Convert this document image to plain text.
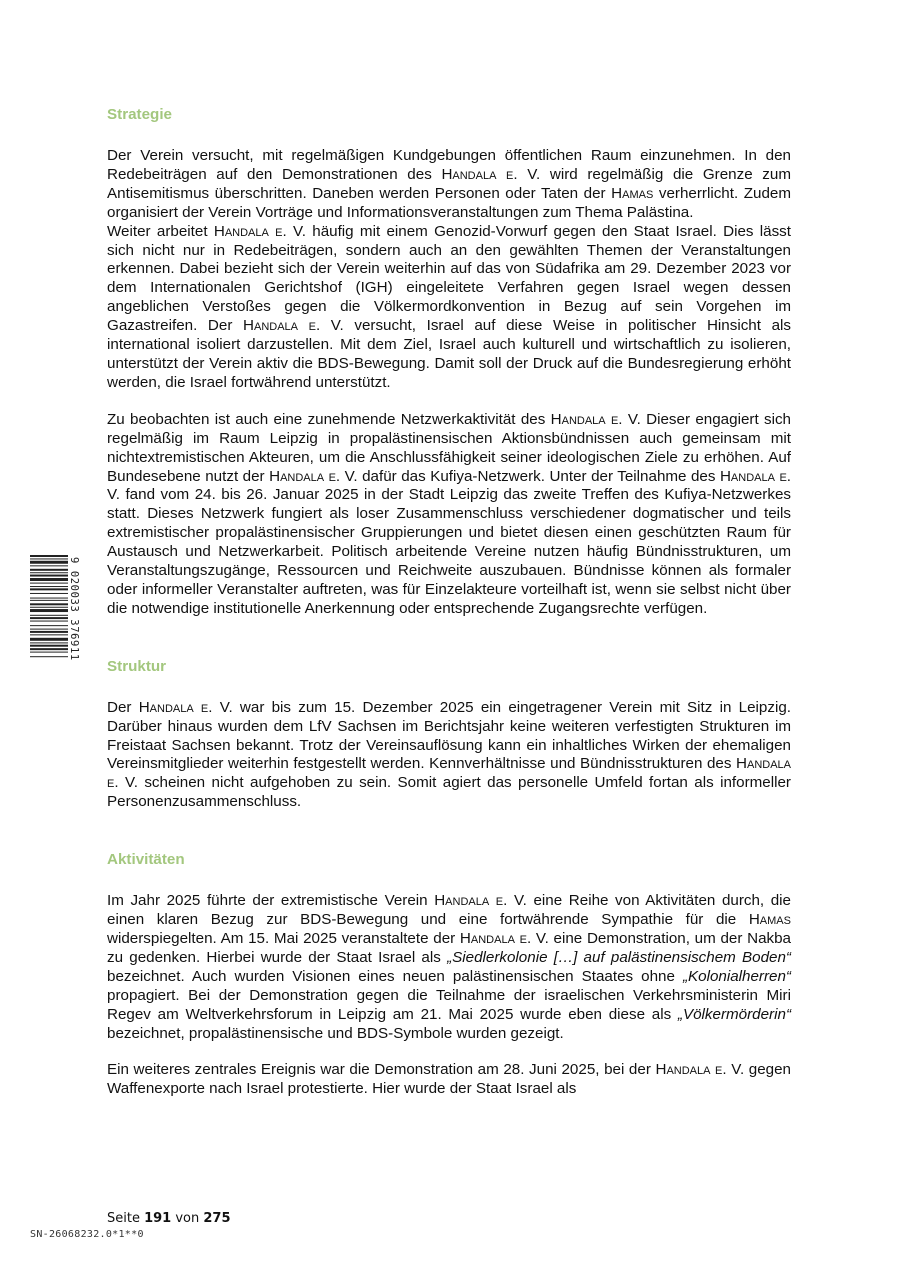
Strategie

Der Verein versucht, mit regelmäßigen Kundgebungen öffentlichen Raum einzunehmen. In den Redebeiträgen auf den Demonstrationen des Handala e. V. wird regelmäßig die Grenze zum Antisemitismus überschritten. Daneben werden Personen oder Taten der Hamas verherrlicht. Zudem organisiert der Verein Vorträge und Informationsveranstaltungen zum Thema Palästina.

Weiter arbeitet Handala e. V. häufig mit einem Genozid-Vorwurf gegen den Staat Israel. Dies lässt sich nicht nur in Redebeiträgen, sondern auch an den gewählten Themen der Veranstaltungen erkennen. Dabei bezieht sich der Verein weiterhin auf das von Südafrika am 29. Dezember 2023 vor dem Internationalen Gerichtshof (IGH) eingeleitete Verfahren gegen Israel wegen dessen angeblichen Verstoßes gegen die Völkermordkonvention in Bezug auf sein Vorgehen im Gazastreifen. Der Handala e. V. versucht, Israel auf diese Weise in politischer Hinsicht als international isoliert darzustellen. Mit dem Ziel, Israel auch kulturell und wirtschaftlich zu isolieren, unterstützt der Verein aktiv die BDS-Bewegung. Damit soll der Druck auf die Bundesregierung erhöht werden, die Israel fortwährend unterstützt.

Zu beobachten ist auch eine zunehmende Netzwerkaktivität des Handala e. V. Dieser engagiert sich regelmäßig im Raum Leipzig in propalästinensischen Aktionsbündnissen auch gemeinsam mit nichtextremistischen Akteuren, um die Anschlussfähigkeit seiner ideologischen Ziele zu erhöhen. Auf Bundesebene nutzt der Handala e. V. dafür das Kufiya-Netzwerk. Unter der Teilnahme des Handala e. V. fand vom 24. bis 26. Januar 2025 in der Stadt Leipzig das zweite Treffen des Kufiya-Netzwerkes statt. Dieses Netzwerk fungiert als loser Zusammenschluss verschiedener dogmatischer und teils extremistischer propalästinensischer Gruppierungen und bietet diesen einen geschützten Raum für Austausch und Netzwerkarbeit. Politisch arbeitende Vereine nutzen häufig Bündnisstrukturen, um Veranstaltungszugänge, Ressourcen und Reichweite auszubauen. Bündnisse können als formaler oder informeller Veranstalter auftreten, was für Einzelakteure vorteilhaft ist, wenn sie selbst nicht über die notwendige institutionelle Anerkennung oder entsprechende Zugangsrechte verfügen.

Struktur

Der Handala e. V. war bis zum 15. Dezember 2025 ein eingetragener Verein mit Sitz in Leipzig. Darüber hinaus wurden dem LfV Sachsen im Berichtsjahr keine weiteren verfestigten Strukturen im Freistaat Sachsen bekannt. Trotz der Vereinsauflösung kann ein inhaltliches Wirken der ehemaligen Vereinsmitglieder weiterhin festgestellt werden. Kennverhältnisse und Bündnisstrukturen des Handala e. V. scheinen nicht aufgehoben zu sein. Somit agiert das personelle Umfeld fortan als informeller Personenzusammenschluss.

Aktivitäten

Im Jahr 2025 führte der extremistische Verein Handala e. V. eine Reihe von Aktivitäten durch, die einen klaren Bezug zur BDS-Bewegung und eine fortwährende Sympathie für die Hamas widerspiegelten. Am 15. Mai 2025 veranstaltete der Handala e. V. eine Demonstration, um der Nakba zu gedenken. Hierbei wurde der Staat Israel als „Siedlerkolonie […] auf palästinensischem Boden“ bezeichnet. Auch wurden Visionen eines neuen palästinensischen Staates ohne „Kolonialherren“ propagiert. Bei der Demonstration gegen die Teilnahme der israelischen Verkehrsministerin Miri Regev am Weltverkehrsforum in Leipzig am 21. Mai 2025 wurde eben diese als „Völkermörderin“ bezeichnet, propalästinensische und BDS-Symbole wurden gezeigt.

Ein weiteres zentrales Ereignis war die Demonstration am 28. Juni 2025, bei der Handala e. V. gegen Waffenexporte nach Israel protestierte. Hier wurde der Staat Israel als

Seite 191 von 275
SN-26068232.0*1**0
9 020033 376911
